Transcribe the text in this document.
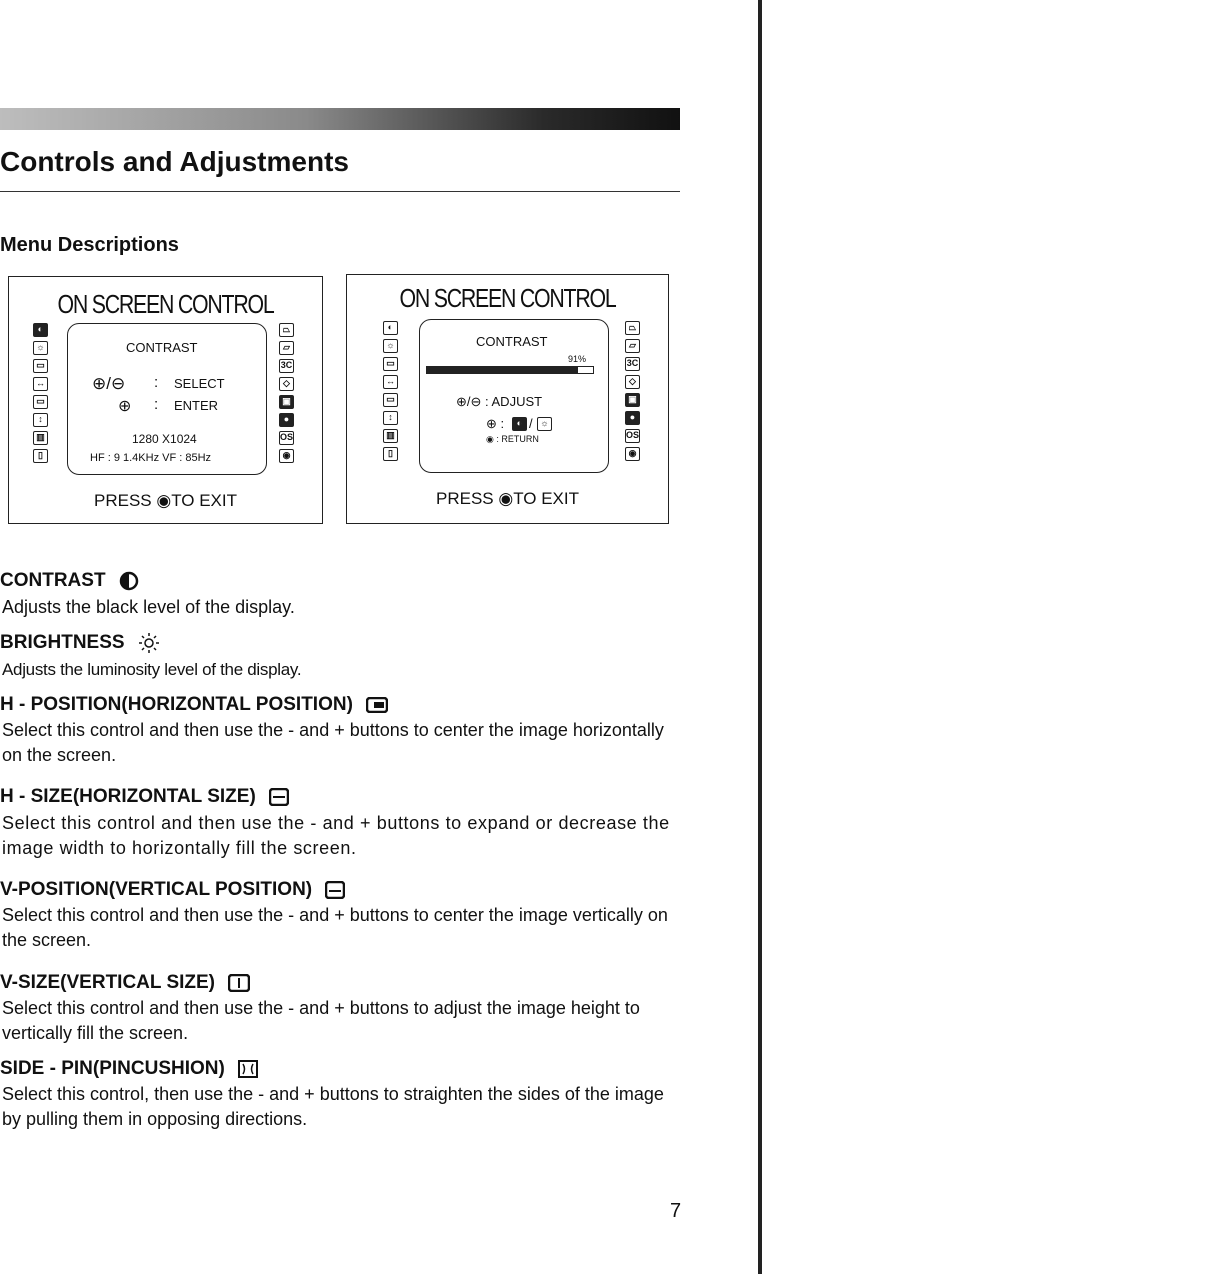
Controls and Adjustments
Menu Descriptions
ON SCREEN CONTROL
◐
☼
▭
↔
▭
↕
▥
▯
⏢
▱
3C
◇
▣
●
OS
◉
CONTRAST
⊕/⊖ : SELECT
⊕ : ENTER
1280 X1024
HF : 9 1.4KHz VF : 85Hz
PRESS ◉TO EXIT
ON SCREEN CONTROL
◐
☼
▭
↔
▭
↕
▥
▯
⏢
▱
3C
◇
▣
●
OS
◉
CONTRAST
91%
⊕/⊖ : ADJUST
⊕ :	◐ / ☼
◉ : RETURN
PRESS ◉TO EXIT
CONTRAST
Adjusts the black level of the display.
BRIGHTNESS
Adjusts the luminosity level of the display.
H - POSITION(HORIZONTAL POSITION)
Select this control and then use the - and + buttons to center the image horizontally on the screen.
H - SIZE(HORIZONTAL SIZE)
Select this control and then use the - and + buttons to expand or decrease the image width to horizontally fill the screen.
V-POSITION(VERTICAL POSITION)
Select this control and then use the - and + buttons to center the image vertically on the screen.
V-SIZE(VERTICAL SIZE)
Select this control and then use the - and + buttons to adjust the image height to vertically fill the screen.
SIDE - PIN(PINCUSHION)
Select this control, then use the - and + buttons to straighten the sides of the image by pulling them in opposing directions.
7
